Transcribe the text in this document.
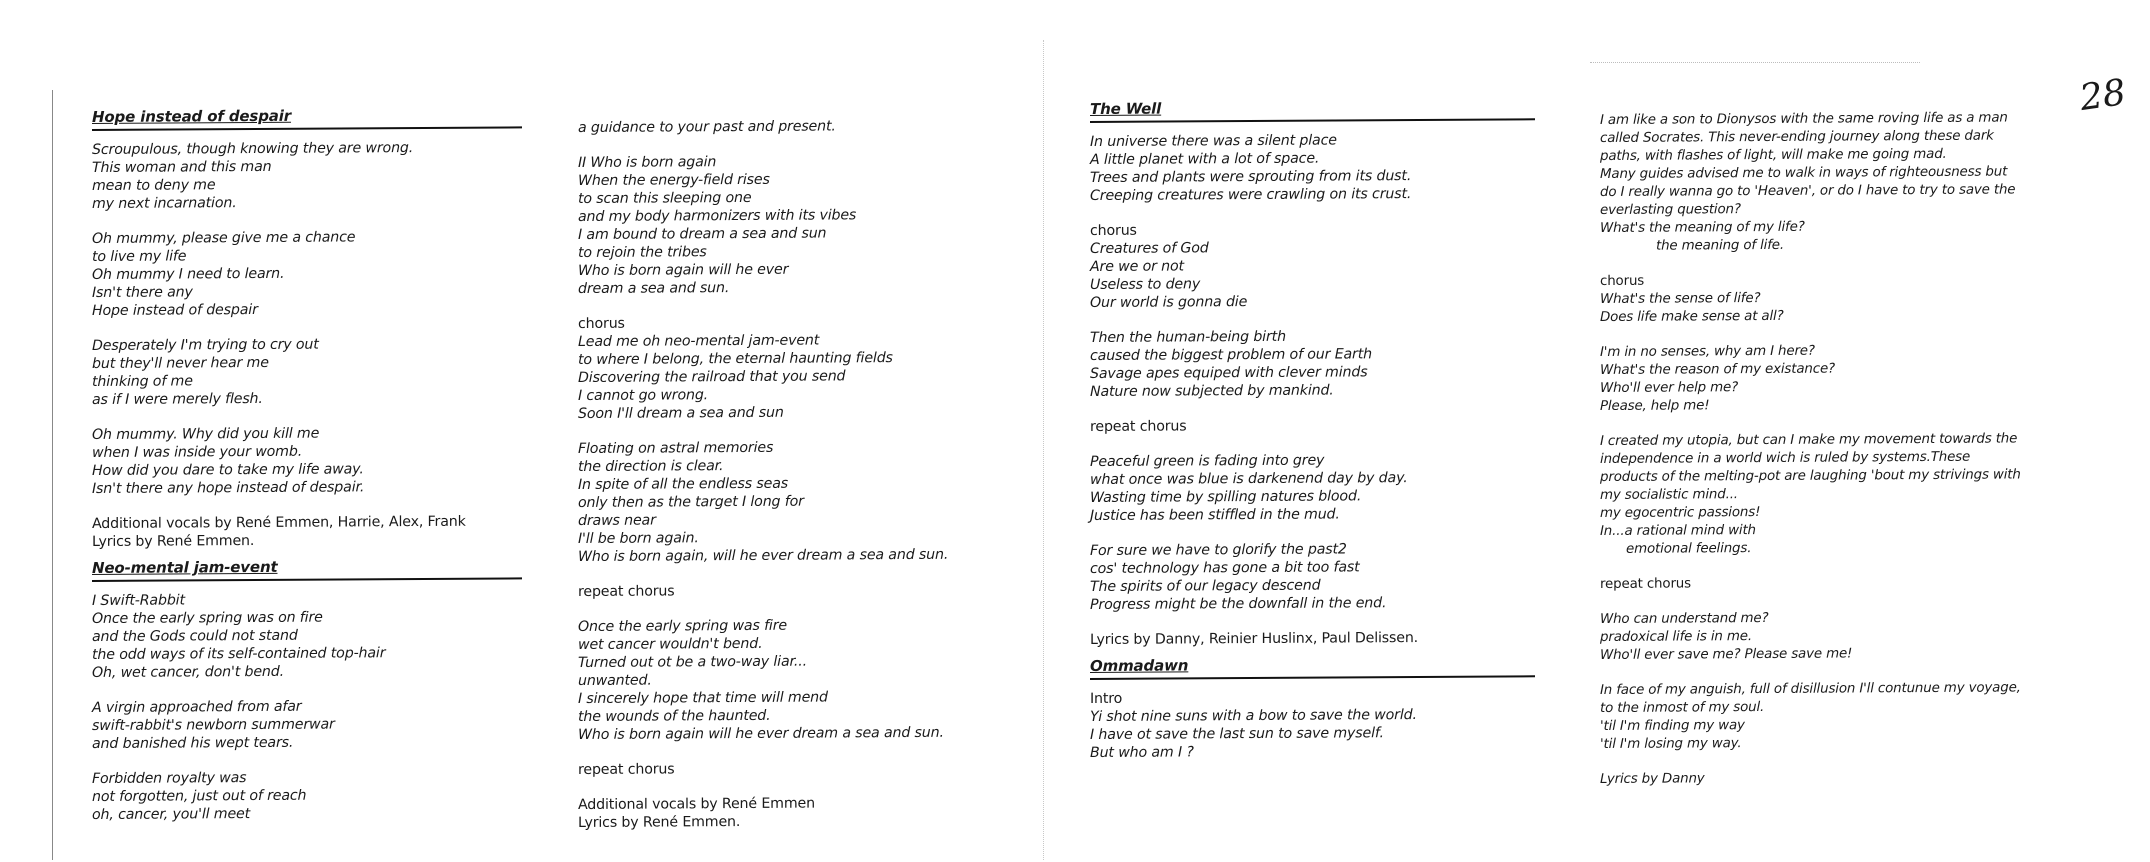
28

Hope instead of despair

Scroupulous, though knowing they are wrong.

This woman and this man

mean to deny me

my next incarnation.

Oh mummy, please give me a chance

to live my life

Oh mummy I need to learn.

Isn't there any

Hope instead of despair

Desperately I'm trying to cry out

but they'll never hear me

thinking of me

as if I were merely flesh.

Oh mummy. Why did you kill me

when I was inside your womb.

How did you dare to take my life away.

Isn't there any hope instead of despair.

Additional vocals by René Emmen, Harrie, Alex, Frank

Lyrics by René Emmen.

Neo-mental jam-event

I Swift-Rabbit

Once the early spring was on fire

and the Gods could not stand

the odd ways of its self-contained top-hair

Oh, wet cancer, don't bend.

A virgin approached from afar

swift-rabbit's newborn summerwar

and banished his wept tears.

Forbidden royalty was

not forgotten, just out of reach

oh, cancer, you'll meet

a guidance to your past and present.

II Who is born again

When the energy-field rises

to scan this sleeping one

and my body harmonizers with its vibes

I am bound to dream a sea and sun

to rejoin the tribes

Who is born again will he ever

dream a sea and sun.

chorus

Lead me oh neo-mental jam-event

to where I belong, the eternal haunting fields

Discovering the railroad that you send

I cannot go wrong.

Soon I'll dream a sea and sun

Floating on astral memories

the direction is clear.

In spite of all the endless seas

only then as the target I long for

draws near

I'll be born again.

Who is born again, will he ever dream a sea and sun.

repeat chorus

Once the early spring was fire

wet cancer wouldn't bend.

Turned out ot be a two-way liar...

unwanted.

I sincerely hope that time will mend

the wounds of the haunted.

Who is born again will he ever dream a sea and sun.

repeat chorus

Additional vocals by René Emmen

Lyrics by René Emmen.

The Well

In universe there was a silent place

A little planet with a lot of space.

Trees and plants were sprouting from its dust.

Creeping creatures were crawling on its crust.

chorus

Creatures of God

Are we or not

Useless to deny

Our world is gonna die

Then the human-being birth

caused the biggest problem of our Earth

Savage apes equiped with clever minds

Nature now subjected by mankind.

repeat chorus

Peaceful green is fading into grey

what once was blue is darkenend day by day.

Wasting time by spilling natures blood.

Justice has been stiffled in the mud.

For sure we have to glorify the past2

cos' technology has gone a bit too fast

The spirits of our legacy descend

Progress might be the downfall in the end.

Lyrics by Danny, Reinier Huslinx, Paul Delissen.

Ommadawn

Intro

Yi shot nine suns with a bow to save the world.

I have ot save the last sun to save myself.

But who am I ?

I am like a son to Dionysos with the same roving life as a man

called Socrates. This never-ending journey along these dark

paths, with flashes of light, will make me going mad.

Many guides advised me to walk in ways of righteousness but

do I really wanna go to 'Heaven', or do I have to try to save the

everlasting question?

What's the meaning of my life?

the meaning of life.

chorus

What's the sense of life?

Does life make sense at all?

I'm in no senses, why am I here?

What's the reason of my existance?

Who'll ever help me?

Please, help me!

I created my utopia, but can I make my movement towards the

independence in a world wich is ruled by systems.These

products of the melting-pot are laughing 'bout my strivings with

my socialistic mind...

my egocentric passions!

In...a rational mind with

emotional feelings.

repeat chorus

Who can understand me?

pradoxical life is in me.

Who'll ever save me? Please save me!

In face of my anguish, full of disillusion I'll contunue my voyage,

to the inmost of my soul.

'til I'm finding my way

'til I'm losing my way.

Lyrics by Danny
